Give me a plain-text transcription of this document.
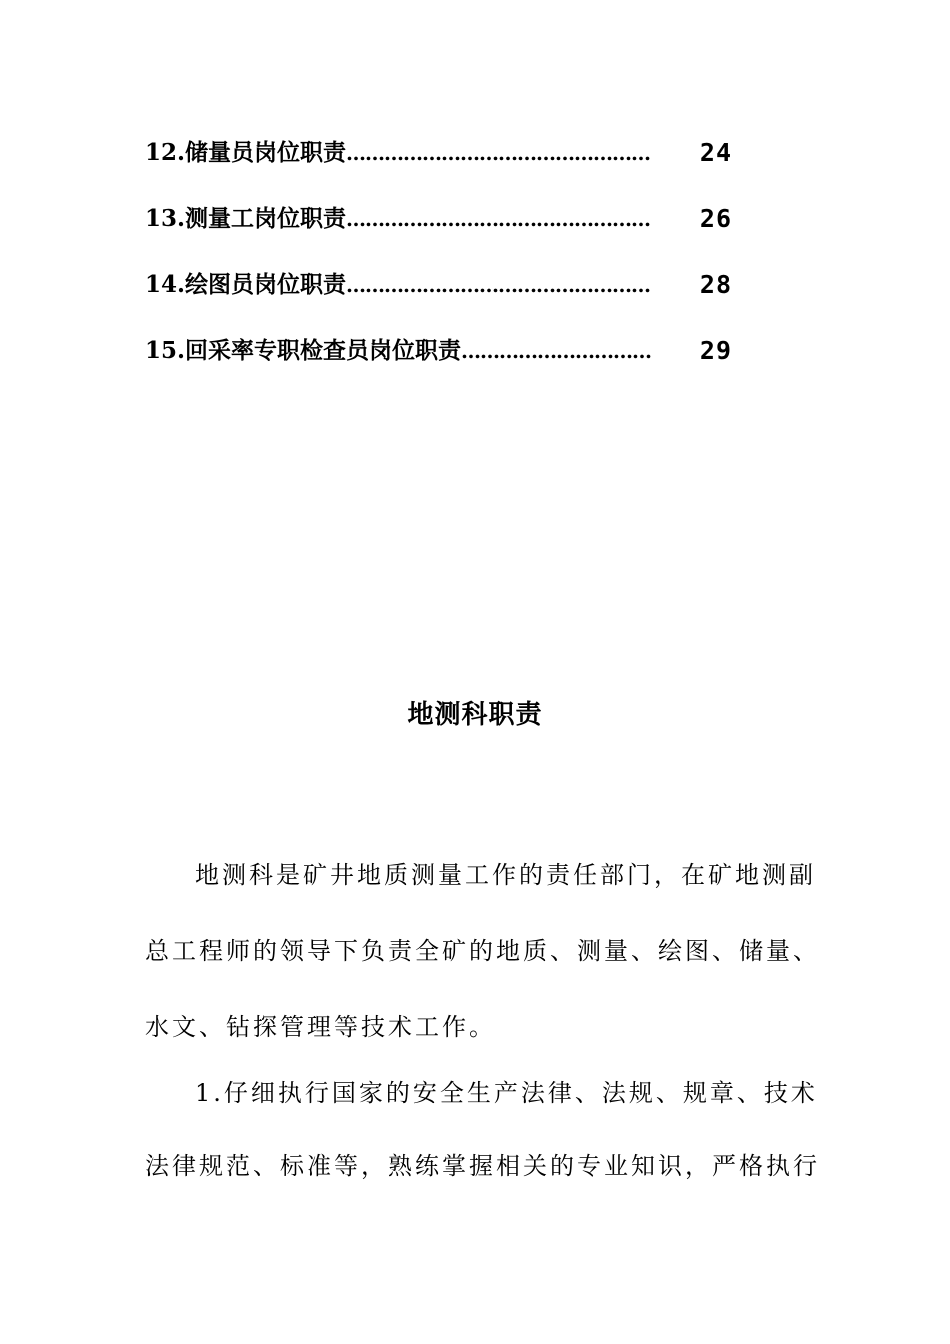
12.储量员岗位职责………………………………………… 24
13.测量工岗位职责………………………………………… 26
14.绘图员岗位职责………………………………………… 28
15.回采率专职检查员岗位职责………………………… 29
地测科职责
地测科是矿井地质测量工作的责任部门，在矿地测副
总工程师的领导下负责全矿的地质、测量、绘图、储量、
水文、钻探管理等技术工作。
1.仔细执行国家的安全生产法律、法规、规章、技术
法律规范、标准等，熟练掌握相关的专业知识，严格执行
